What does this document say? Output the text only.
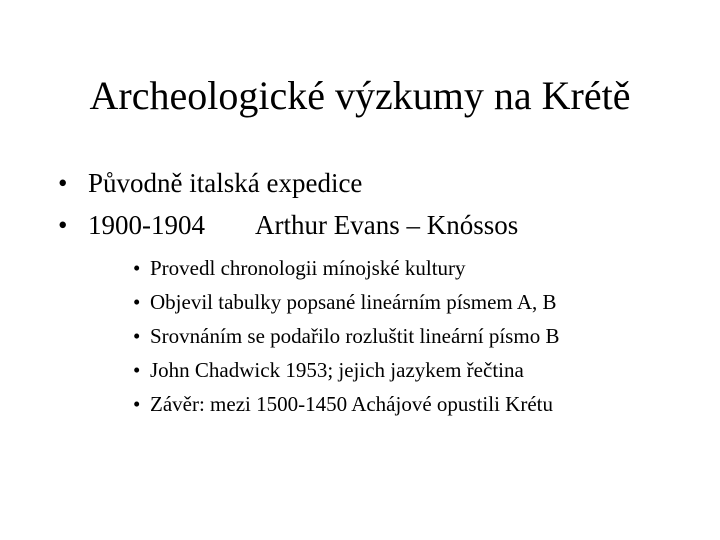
Archeologické výzkumy na Krétě
• Původně italská expedice
• 1900-1904 Arthur Evans – Knóssos
• Provedl chronologii mínojské kultury
• Objevil tabulky popsané lineárním písmem A, B
• Srovnáním se podařilo rozluštit lineární písmo B
• John Chadwick 1953; jejich jazykem řečtina
• Závěr: mezi 1500-1450 Achájové opustili Krétu
